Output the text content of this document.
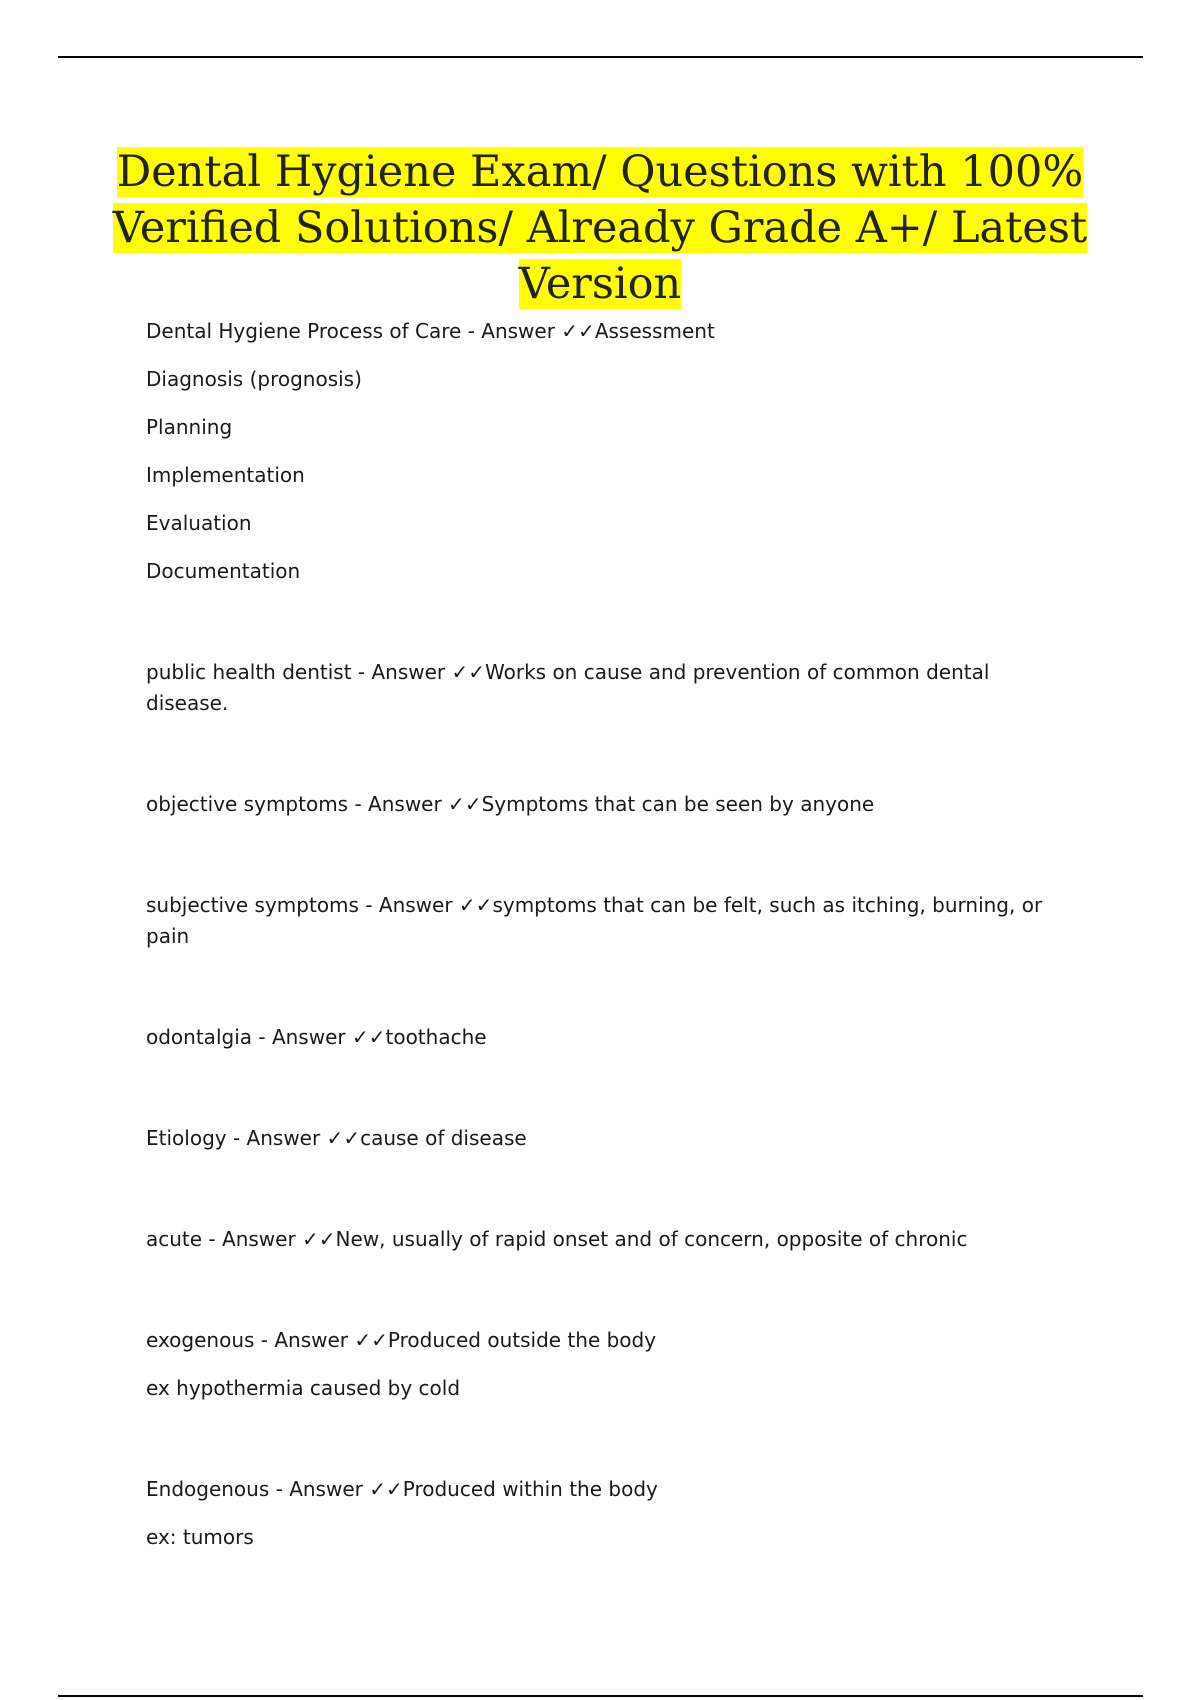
Dental Hygiene Exam/ Questions with 100% Verified Solutions/ Already Grade A+/ Latest Version

Dental Hygiene Process of Care - Answer ✓✓Assessment

Diagnosis (prognosis)

Planning

Implementation

Evaluation

Documentation

public health dentist - Answer ✓✓Works on cause and prevention of common dental disease.

objective symptoms - Answer ✓✓Symptoms that can be seen by anyone

subjective symptoms - Answer ✓✓symptoms that can be felt, such as itching, burning, or pain

odontalgia - Answer ✓✓toothache

Etiology - Answer ✓✓cause of disease

acute - Answer ✓✓New, usually of rapid onset and of concern, opposite of chronic

exogenous - Answer ✓✓Produced outside the body

ex hypothermia caused by cold

Endogenous - Answer ✓✓Produced within the body

ex: tumors
